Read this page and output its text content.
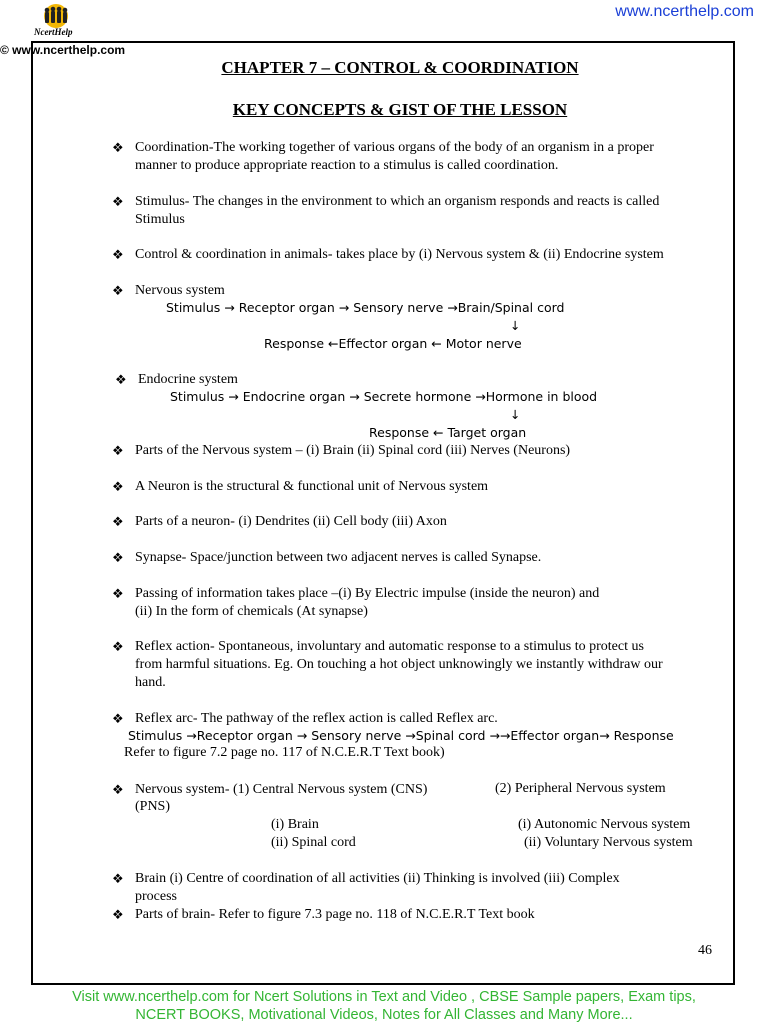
NcertHelp
© www.ncerthelp.com
www.ncerthelp.com
CHAPTER 7 – CONTROL & COORDINATION
KEY CONCEPTS & GIST OF THE LESSON
❖ Coordination-The working together of various organs of the body of an organism in a proper
manner to produce appropriate reaction to a stimulus is called coordination.
❖ Stimulus- The changes in the environment to which an organism responds and reacts is called
Stimulus
❖ Control & coordination in animals- takes place by (i) Nervous system & (ii) Endocrine system
❖ Nervous system
Stimulus → Receptor organ → Sensory nerve →Brain/Spinal cord
↓
Response ←Effector organ ← Motor nerve
❖ Endocrine system
Stimulus → Endocrine organ → Secrete hormone →Hormone in blood
↓
Response ← Target organ
❖ Parts of the Nervous system – (i) Brain (ii) Spinal cord (iii) Nerves (Neurons)
❖ A Neuron is the structural & functional unit of Nervous system
❖ Parts of a neuron- (i) Dendrites (ii) Cell body (iii) Axon
❖ Synapse- Space/junction between two adjacent nerves is called Synapse.
❖ Passing of information takes place –(i) By Electric impulse (inside the neuron) and
(ii) In the form of chemicals (At synapse)
❖ Reflex action- Spontaneous, involuntary and automatic response to a stimulus to protect us
from harmful situations. Eg. On touching a hot object unknowingly we instantly withdraw our
hand.
❖ Reflex arc- The pathway of the reflex action is called Reflex arc.
Stimulus →Receptor organ → Sensory nerve →Spinal cord →→Effector organ→ Response
Refer to figure 7.2 page no. 117 of N.C.E.R.T Text book)
❖ Nervous system- (1) Central Nervous system (CNS)	(2) Peripheral Nervous system
(PNS)
(i) Brain
(ii) Spinal cord
(i) Autonomic Nervous system
(ii) Voluntary Nervous system
❖ Brain (i) Centre of coordination of all activities (ii) Thinking is involved (iii) Complex
process
❖ Parts of brain- Refer to figure 7.3 page no. 118 of N.C.E.R.T Text book
46
Visit www.ncerthelp.com for Ncert Solutions in Text and Video , CBSE Sample papers, Exam tips,
NCERT BOOKS, Motivational Videos, Notes for All Classes and Many More...
